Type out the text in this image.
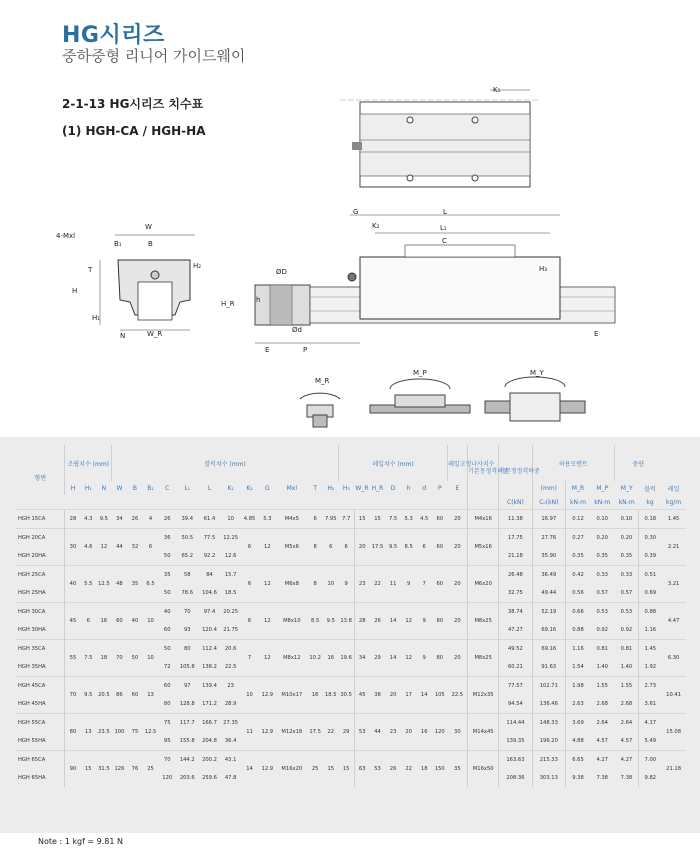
HG시리즈
중하중형 리니어 가이드웨이
2-1-13 HG시리즈 치수표
(1) HGH-CA / HGH-HA
K₁
4-Mxl
W
B₁	B
H₂
T
H
H₁
N	W_R
G	L
K₂	L₁
C
H₃
ØD
H_R	h
Ød
E	P
E
M_R
M_P	M_Y
형번	조립치수 (mm)			블럭치수 (mm)												레일치수 (mm)							레일고정나사치수	기본동정격하중	기본정정격하중	허용모멘트			중량		
	H	H₁	N	W	B	B₁	C	L₁	L	K₁	K₂	G	Mxl	T	H₂	H₃	W_R	H_R	D	h	d	P	E			(mm)	M_R	M_P	M_Y	블럭	레일
																									C(kN)	C₀(kN)	kN-m	kN-m	kN-m	kg	kg/m
HGH 15CA	28	4.3	9.5	34	26	4	26	39.4	61.4	10	4.85	5.3	M4x5	6	7.95	7.7	15	15	7.5	5.3	4.5	60	20	M4x16	11.38	16.97	0.12	0.10	0.10	0.18	1.45
HGH 20CA	30	4.6	12	44	32	6	36	50.5	77.5	12.25	6	12	M5x6	8	6	6	20	17.5	9.5	8.5	6	60	20	M5x16	17.75	27.76	0.27	0.20	0.20	0.30	2.21
HGH 20HA							50	65.2	92.2	12.6															21.18	35.90	0.35	0.35	0.35	0.39	
HGH 25CA	40	5.5	12.5	48	35	6.5	35	58	84	15.7	6	12	M6x8	8	10	9	23	22	11	9	7	60	20	M6x20	26.48	36.49	0.42	0.33	0.33	0.51	3.21
HGH 25HA							50	78.6	104.6	18.5															32.75	49.44	0.56	0.57	0.57	0.69	
HGH 30CA	45	6	16	60	40	10	40	70	97.4	20.25	6	12	M8x10	8.5	9.5	13.8	28	26	14	12	9	80	20	M8x25	38.74	52.19	0.66	0.53	0.53	0.88	4.47
HGH 30HA							60	93	120.4	21.75															47.27	69.16	0.88	0.92	0.92	1.16	
HGH 35CA	55	7.5	18	70	50	10	50	80	112.4	20.6	7	12	M8x12	10.2	16	19.6	34	29	14	12	9	80	20	M8x25	49.52	69.16	1.16	0.81	0.81	1.45	6.30
HGH 35HA							72	105.8	138.2	22.5															60.21	91.63	1.54	1.40	1.40	1.92	
HGH 45CA	70	9.5	20.5	86	60	13	60	97	139.4	23	10	12.9	M10x17	16	18.5	30.5	45	38	20	17	14	105	22.5	M12x35	77.57	102.71	1.98	1.55	1.55	2.73	10.41
HGH 45HA							80	128.8	171.2	28.9															94.54	136.46	2.63	2.68	2.68	3.61	
HGH 55CA	80	13	23.5	100	75	12.5	75	117.7	166.7	27.35	11	12.9	M12x18	17.5	22	29	53	44	23	20	16	120	30	M14x45	114.44	148.33	3.69	2.64	2.64	4.17	15.08
HGH 55HA							95	155.8	204.8	36.4															139.35	196.20	4.88	4.57	4.57	5.49	
HGH 65CA	90	15	31.5	126	76	25	70	144.2	200.2	43.1	14	12.9	M16x20	25	15	15	63	53	26	22	18	150	35	M16x50	163.63	215.33	6.65	4.27	4.27	7.00	21.18
HGH 65HA							120	203.6	259.6	47.8															208.36	303.13	9.38	7.38	7.38	9.82	
Note : 1 kgf = 9.81 N
